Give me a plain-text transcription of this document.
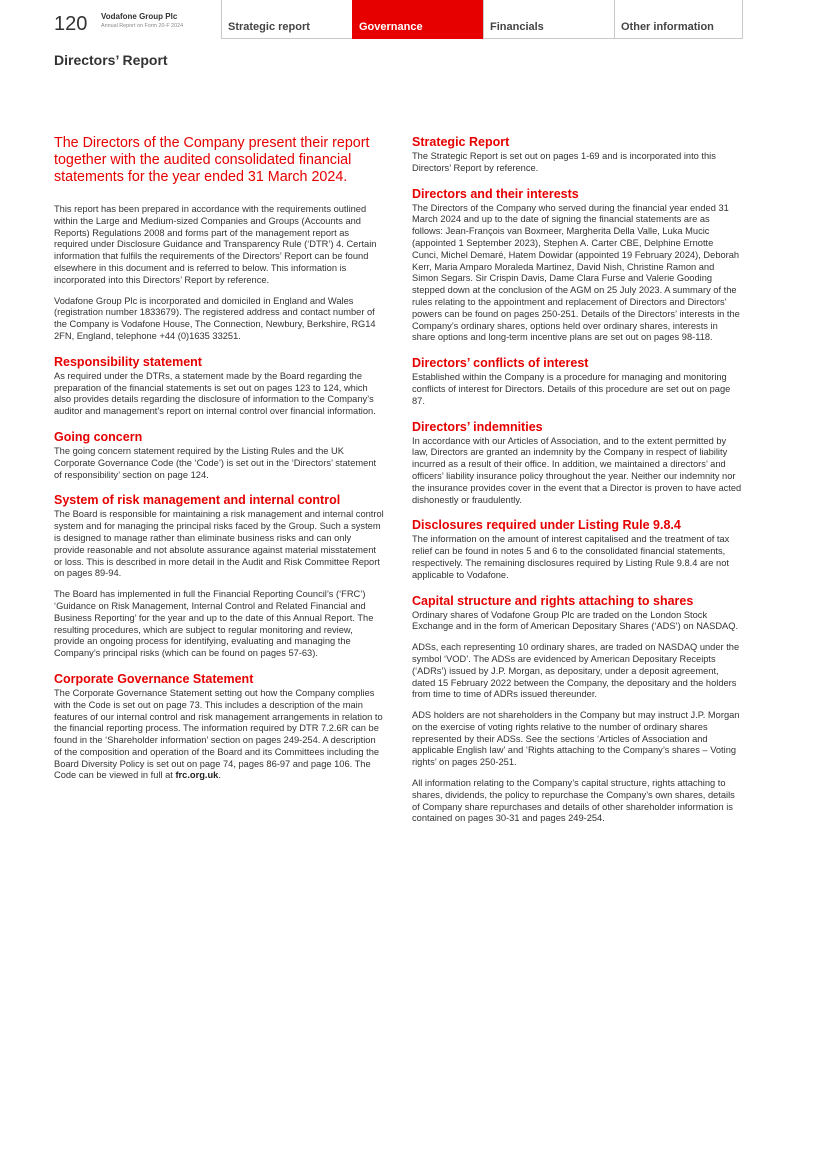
120 Vodafone Group Plc
Annual Report on Form 20-F 2024	Strategic report	Governance	Financials	Other information
Directors’ Report
The Directors of the Company present their report together with the audited consolidated financial statements for the year ended 31 March 2024.

This report has been prepared in accordance with the requirements outlined within the Large and Medium-sized Companies and Groups (Accounts and Reports) Regulations 2008 and forms part of the management report as required under Disclosure Guidance and Transparency Rule (‘DTR’) 4. Certain information that fulfils the requirements of the Directors’ Report can be found elsewhere in this document and is referred to below. This information is incorporated into this Directors’ Report by reference.

Vodafone Group Plc is incorporated and domiciled in England and Wales (registration number 1833679). The registered address and contact number of the Company is Vodafone House, The Connection, Newbury, Berkshire, RG14 2FN, England, telephone +44 (0)1635 33251.

Responsibility statement

As required under the DTRs, a statement made by the Board regarding the preparation of the financial statements is set out on pages 123 to 124, which also provides details regarding the disclosure of information to the Company’s auditor and management’s report on internal control over financial information.

Going concern

The going concern statement required by the Listing Rules and the UK Corporate Governance Code (the ‘Code’) is set out in the ‘Directors’ statement of responsibility’ section on page 124.

System of risk management and internal control

The Board is responsible for maintaining a risk management and internal control system and for managing the principal risks faced by the Group. Such a system is designed to manage rather than eliminate business risks and can only provide reasonable and not absolute assurance against material misstatement or loss. This is described in more detail in the Audit and Risk Committee Report on pages 89-94.

The Board has implemented in full the Financial Reporting Council’s (‘FRC’) ‘Guidance on Risk Management, Internal Control and Related Financial and Business Reporting’ for the year and up to the date of this Annual Report. The resulting procedures, which are subject to regular monitoring and review, provide an ongoing process for identifying, evaluating and managing the Company’s principal risks (which can be found on pages 57-63).

Corporate Governance Statement

The Corporate Governance Statement setting out how the Company complies with the Code is set out on page 73. This includes a description of the main features of our internal control and risk management arrangements in relation to the financial reporting process. The information required by DTR 7.2.6R can be found in the ‘Shareholder information’ section on pages 249-254. A description of the composition and operation of the Board and its Committees including the Board Diversity Policy is set out on page 74, pages 86-97 and page 106. The Code can be viewed in full at frc.org.uk.

Strategic Report

The Strategic Report is set out on pages 1-69 and is incorporated into this Directors’ Report by reference.

Directors and their interests

The Directors of the Company who served during the financial year ended 31 March 2024 and up to the date of signing the financial statements are as follows: Jean-François van Boxmeer, Margherita Della Valle, Luka Mucic (appointed 1 September 2023), Stephen A. Carter CBE, Delphine Ernotte Cunci, Michel Demaré, Hatem Dowidar (appointed 19 February 2024), Deborah Kerr, Maria Amparo Moraleda Martinez, David Nish, Christine Ramon and Simon Segars. Sir Crispin Davis, Dame Clara Furse and Valerie Gooding stepped down at the conclusion of the AGM on 25 July 2023. A summary of the rules relating to the appointment and replacement of Directors and Directors’ powers can be found on pages 250-251. Details of the Directors’ interests in the Company’s ordinary shares, options held over ordinary shares, interests in share options and long-term incentive plans are set out on pages 98-118.

Directors’ conflicts of interest

Established within the Company is a procedure for managing and monitoring conflicts of interest for Directors. Details of this procedure are set out on page 87.

Directors’ indemnities

In accordance with our Articles of Association, and to the extent permitted by law, Directors are granted an indemnity by the Company in respect of liability incurred as a result of their office. In addition, we maintained a directors’ and officers’ liability insurance policy throughout the year. Neither our indemnity nor the insurance provides cover in the event that a Director is proven to have acted dishonestly or fraudulently.

Disclosures required under Listing Rule 9.8.4

The information on the amount of interest capitalised and the treatment of tax relief can be found in notes 5 and 6 to the consolidated financial statements, respectively. The remaining disclosures required by Listing Rule 9.8.4 are not applicable to Vodafone.

Capital structure and rights attaching to shares

Ordinary shares of Vodafone Group Plc are traded on the London Stock Exchange and in the form of American Depositary Shares (‘ADS’) on NASDAQ.

ADSs, each representing 10 ordinary shares, are traded on NASDAQ under the symbol ‘VOD’. The ADSs are evidenced by American Depositary Receipts (‘ADRs’) issued by J.P. Morgan, as depositary, under a deposit agreement, dated 15 February 2022 between the Company, the depositary and the holders from time to time of ADRs issued thereunder.

ADS holders are not shareholders in the Company but may instruct J.P. Morgan on the exercise of voting rights relative to the number of ordinary shares represented by their ADSs. See the sections ‘Articles of Association and applicable English law’ and ‘Rights attaching to the Company’s shares – Voting rights’ on pages 250-251.

All information relating to the Company’s capital structure, rights attaching to shares, dividends, the policy to repurchase the Company’s own shares, details of Company share repurchases and details of other shareholder information is contained on pages 30-31 and pages 249-254.
